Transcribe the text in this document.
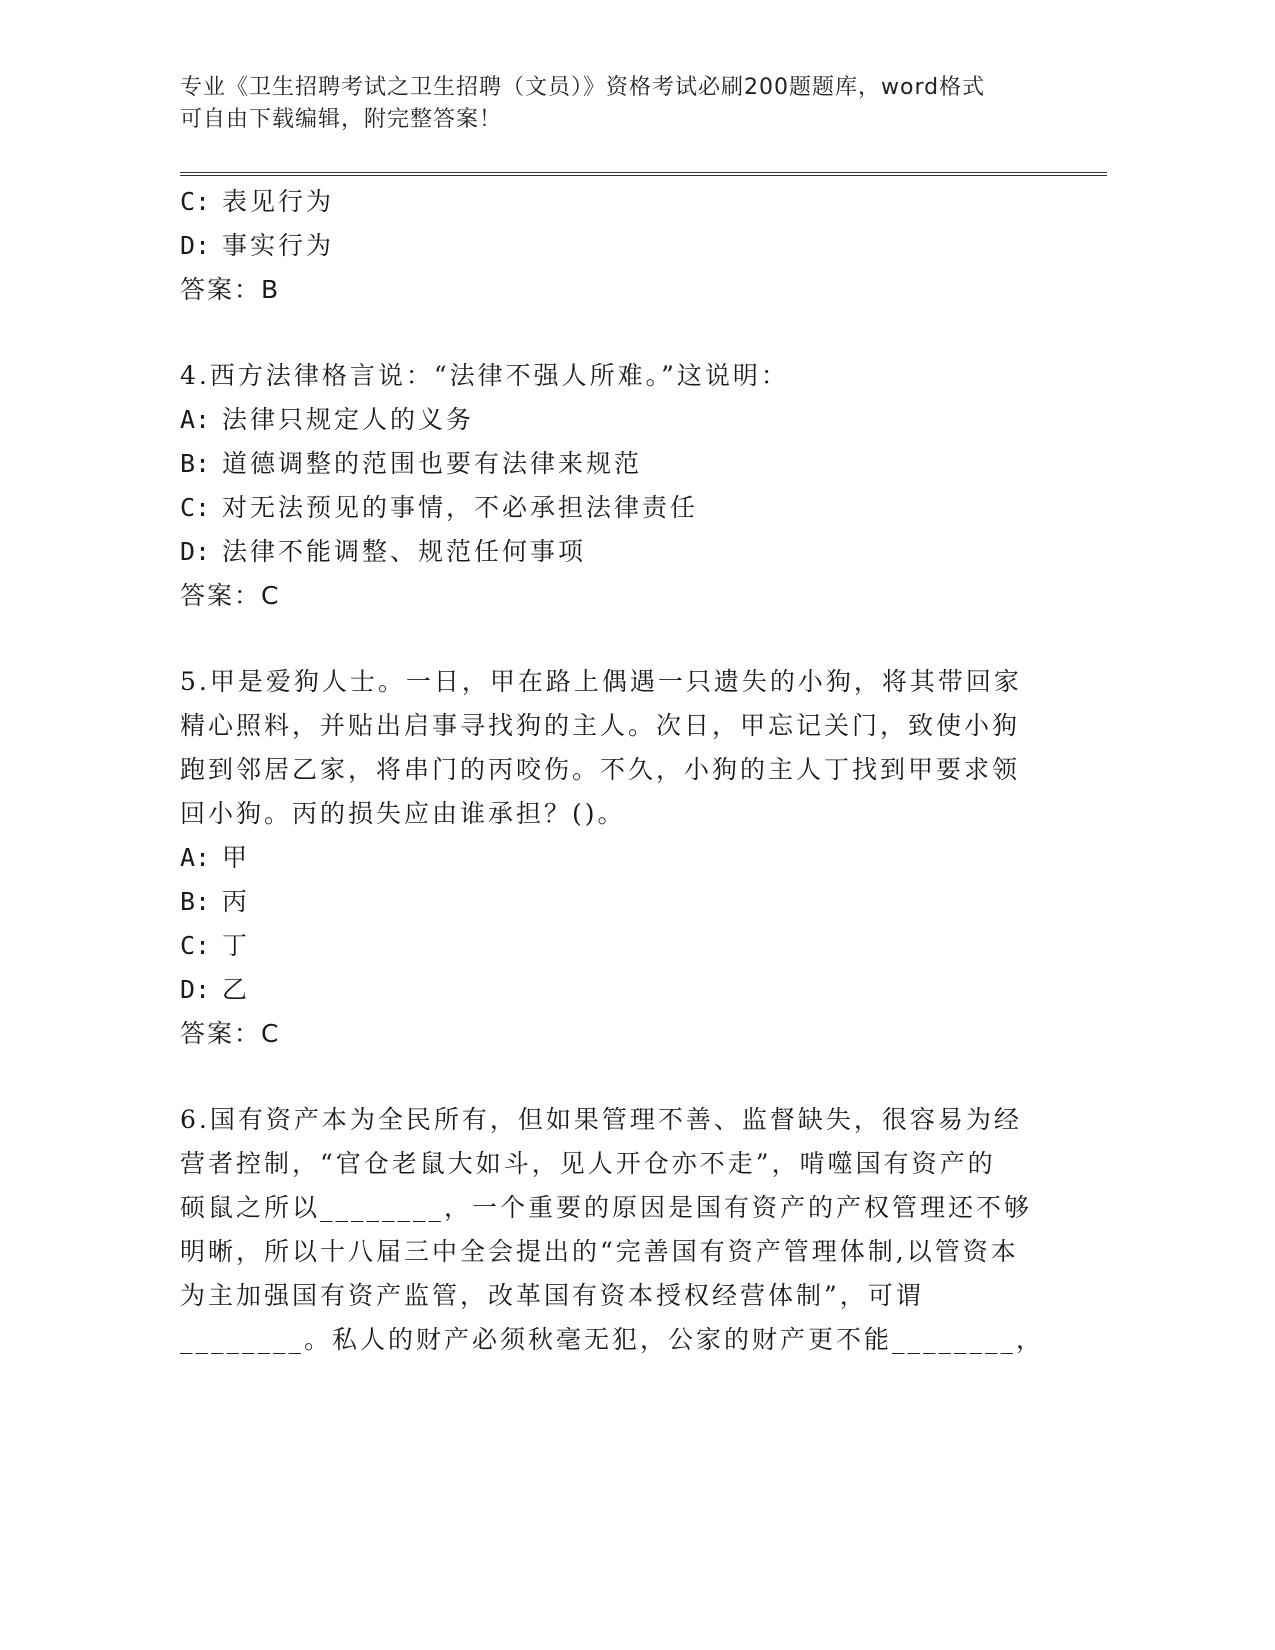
专业《卫生招聘考试之卫生招聘（文员）》资格考试必刷200题题库，word格式
可自由下载编辑，附完整答案！
C: 表见行为
D: 事实行为
答案：B
4.西方法律格言说：“法律不强人所难。”这说明：
A: 法律只规定人的义务
B: 道德调整的范围也要有法律来规范
C: 对无法预见的事情，不必承担法律责任
D: 法律不能调整、规范任何事项
答案：C
5.甲是爱狗人士。一日，甲在路上偶遇一只遗失的小狗，将其带回家
精心照料，并贴出启事寻找狗的主人。次日，甲忘记关门，致使小狗
跑到邻居乙家，将串门的丙咬伤。不久，小狗的主人丁找到甲要求领
回小狗。丙的损失应由谁承担？()。
A: 甲
B: 丙
C: 丁
D: 乙
答案：C
6.国有资产本为全民所有，但如果管理不善、监督缺失，很容易为经
营者控制，“官仓老鼠大如斗，见人开仓亦不走”，啃噬国有资产的
硕鼠之所以________，一个重要的原因是国有资产的产权管理还不够
明晰，所以十八届三中全会提出的“完善国有资产管理体制,以管资本
为主加强国有资产监管，改革国有资本授权经营体制”，可谓
________。私人的财产必须秋毫无犯，公家的财产更不能________，
